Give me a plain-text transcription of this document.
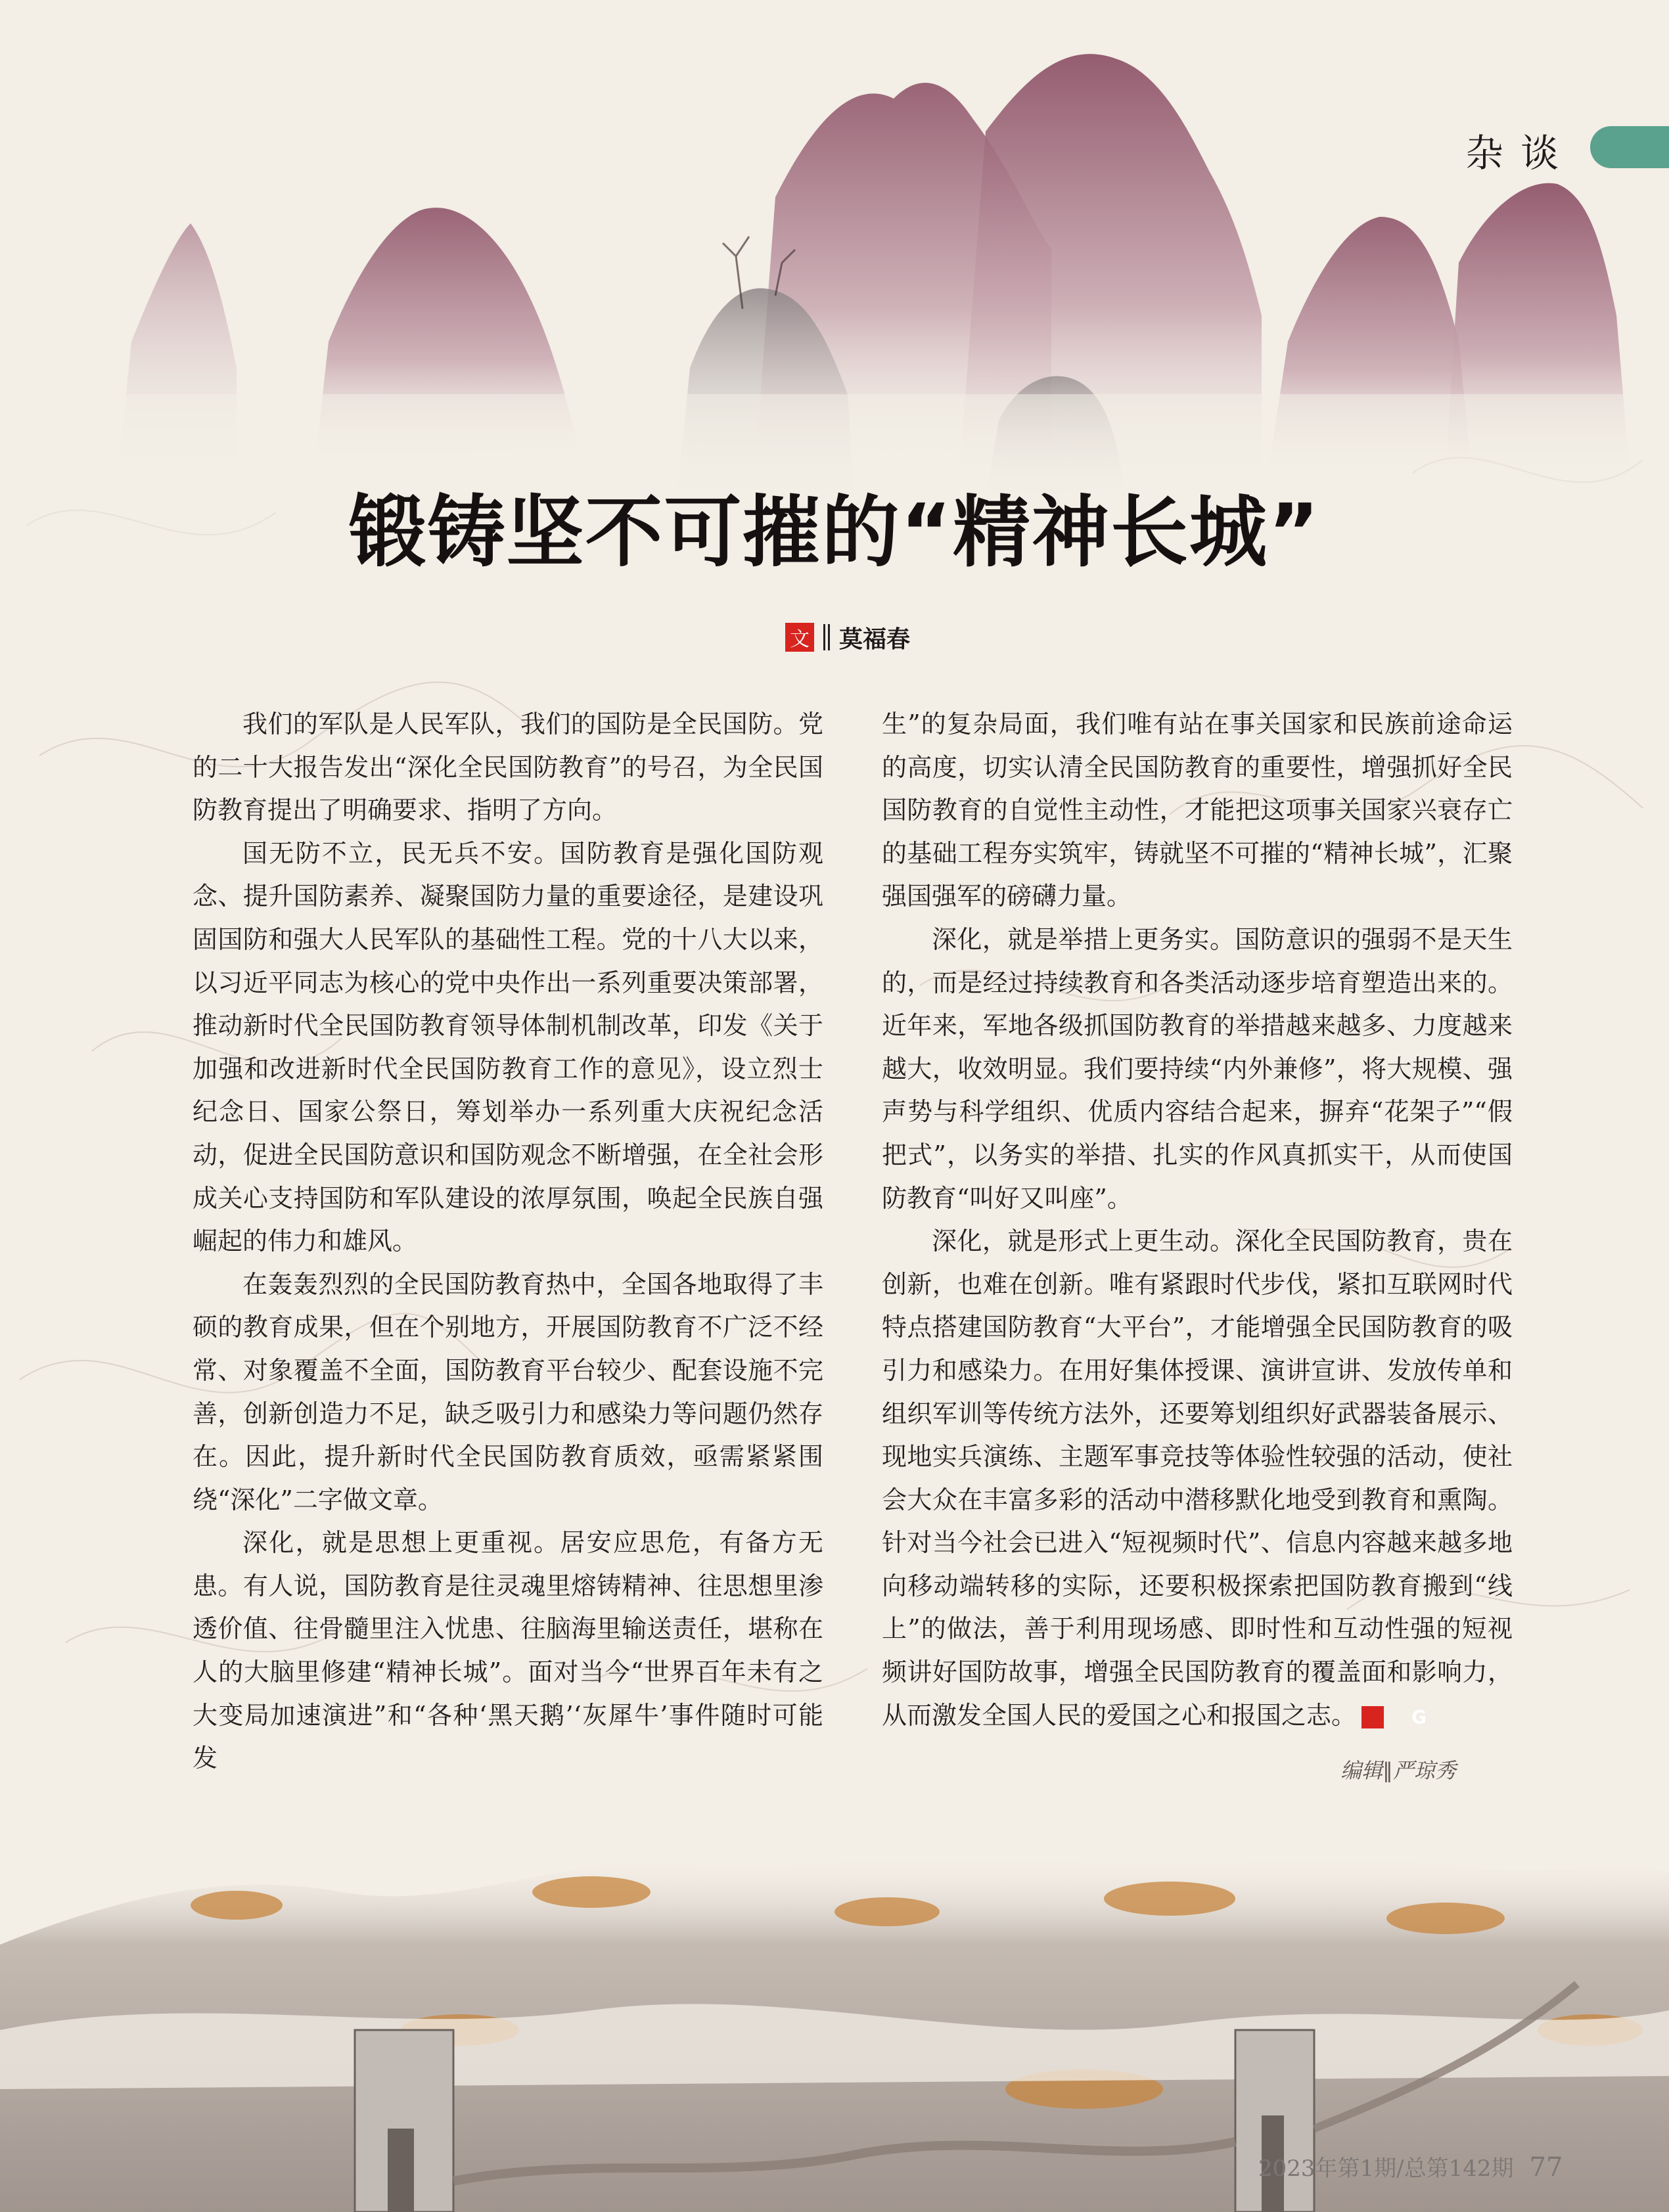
杂谈
锻铸坚不可摧的“精神长城”
文 莫福春

我们的军队是人民军队，我们的国防是全民国防。党的二十大报告发出“深化全民国防教育”的号召，为全民国防教育提出了明确要求、指明了方向。

国无防不立，民无兵不安。国防教育是强化国防观念、提升国防素养、凝聚国防力量的重要途径，是建设巩固国防和强大人民军队的基础性工程。党的十八大以来，以习近平同志为核心的党中央作出一系列重要决策部署，推动新时代全民国防教育领导体制机制改革，印发《关于加强和改进新时代全民国防教育工作的意见》，设立烈士纪念日、国家公祭日，筹划举办一系列重大庆祝纪念活动，促进全民国防意识和国防观念不断增强，在全社会形成关心支持国防和军队建设的浓厚氛围，唤起全民族自强崛起的伟力和雄风。

在轰轰烈烈的全民国防教育热中，全国各地取得了丰硕的教育成果，但在个别地方，开展国防教育不广泛不经常、对象覆盖不全面，国防教育平台较少、配套设施不完善，创新创造力不足，缺乏吸引力和感染力等问题仍然存在。因此，提升新时代全民国防教育质效，亟需紧紧围绕“深化”二字做文章。

深化，就是思想上更重视。居安应思危，有备方无患。有人说，国防教育是往灵魂里熔铸精神、往思想里渗透价值、往骨髓里注入忧患、往脑海里输送责任，堪称在人的大脑里修建“精神长城”。面对当今“世界百年未有之大变局加速演进”和“各种‘黑天鹅’‘灰犀牛’事件随时可能发

生”的复杂局面，我们唯有站在事关国家和民族前途命运的高度，切实认清全民国防教育的重要性，增强抓好全民国防教育的自觉性主动性，才能把这项事关国家兴衰存亡的基础工程夯实筑牢，铸就坚不可摧的“精神长城”，汇聚强国强军的磅礴力量。

深化，就是举措上更务实。国防意识的强弱不是天生的，而是经过持续教育和各类活动逐步培育塑造出来的。近年来，军地各级抓国防教育的举措越来越多、力度越来越大，收效明显。我们要持续“内外兼修”，将大规模、强声势与科学组织、优质内容结合起来，摒弃“花架子”“假把式”，以务实的举措、扎实的作风真抓实干，从而使国防教育“叫好又叫座”。

深化，就是形式上更生动。深化全民国防教育，贵在创新，也难在创新。唯有紧跟时代步伐，紧扣互联网时代特点搭建国防教育“大平台”，才能增强全民国防教育的吸引力和感染力。在用好集体授课、演讲宣讲、发放传单和组织军训等传统方法外，还要筹划组织好武器装备展示、现地实兵演练、主题军事竞技等体验性较强的活动，使社会大众在丰富多彩的活动中潜移默化地受到教育和熏陶。针对当今社会已进入“短视频时代”、信息内容越来越多地向移动端转移的实际，还要积极探索把国防教育搬到“线上”的做法，善于利用现场感、即时性和互动性强的短视频讲好国防故事，增强全民国防教育的覆盖面和影响力，从而激发全国人民的爱国之心和报国之志。	G

编辑∥严琼秀
2023年第1期/总第142期 77
